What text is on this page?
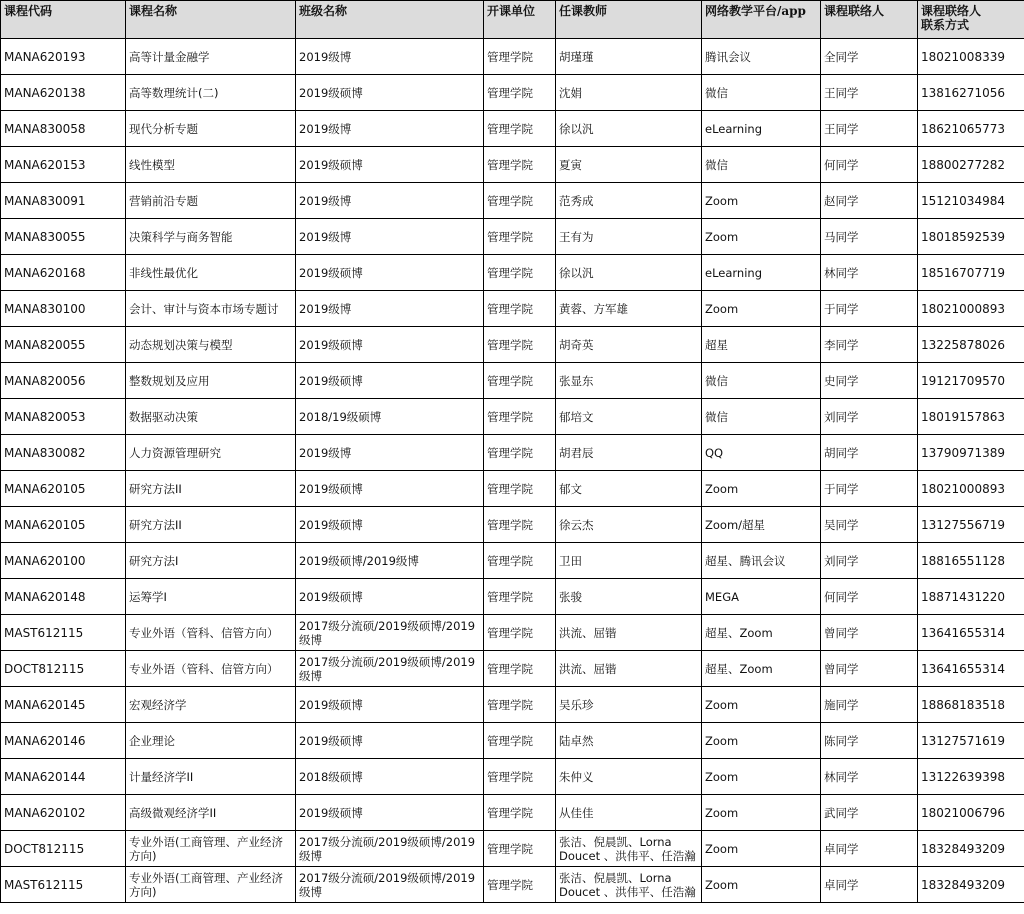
课程代码	课程名称	班级名称	开课单位	任课教师	网络教学平台/app	课程联络人	课程联络人
联系方式
MANA620193	高等计量金融学	2019级博	管理学院	胡瑾瑾	腾讯会议	全同学	18021008339
MANA620138	高等数理统计(二)	2019级硕博	管理学院	沈娟	微信	王同学	13816271056
MANA830058	现代分析专题	2019级博	管理学院	徐以汎	eLearning	王同学	18621065773
MANA620153	线性模型	2019级硕博	管理学院	夏寅	微信	何同学	18800277282
MANA830091	营销前沿专题	2019级博	管理学院	范秀成	Zoom	赵同学	15121034984
MANA830055	决策科学与商务智能	2019级博	管理学院	王有为	Zoom	马同学	18018592539
MANA620168	非线性最优化	2019级硕博	管理学院	徐以汎	eLearning	林同学	18516707719
MANA830100	会计、审计与资本市场专题讨	2019级博	管理学院	黄蓉、方军雄	Zoom	于同学	18021000893
MANA820055	动态规划决策与模型	2019级硕博	管理学院	胡奇英	超星	李同学	13225878026
MANA820056	整数规划及应用	2019级硕博	管理学院	张显东	微信	史同学	19121709570
MANA820053	数据驱动决策	2018/19级硕博	管理学院	郁培文	微信	刘同学	18019157863
MANA830082	人力资源管理研究	2019级博	管理学院	胡君辰	QQ	胡同学	13790971389
MANA620105	研究方法II	2019级硕博	管理学院	郁文	Zoom	于同学	18021000893
MANA620105	研究方法II	2019级硕博	管理学院	徐云杰	Zoom/超星	吴同学	13127556719
MANA620100	研究方法I	2019级硕博/2019级博	管理学院	卫田	超星、腾讯会议	刘同学	18816551128
MANA620148	运筹学I	2019级硕博	管理学院	张骏	MEGA	何同学	18871431220
MAST612115	专业外语（管科、信管方向）	2017级分流硕/2019级硕博/2019级博	管理学院	洪流、屈锴	超星、Zoom	曾同学	13641655314
DOCT812115	专业外语（管科、信管方向）	2017级分流硕/2019级硕博/2019级博	管理学院	洪流、屈锴	超星、Zoom	曾同学	13641655314
MANA620145	宏观经济学	2019级硕博	管理学院	吴乐珍	Zoom	施同学	18868183518
MANA620146	企业理论	2019级硕博	管理学院	陆卓然	Zoom	陈同学	13127571619
MANA620144	计量经济学II	2018级硕博	管理学院	朱仲义	Zoom	林同学	13122639398
MANA620102	高级微观经济学II	2019级硕博	管理学院	从佳佳	Zoom	武同学	18021006796
DOCT812115	专业外语(工商管理、产业经济方向)	2017级分流硕/2019级硕博/2019级博	管理学院	张洁、倪晨凯、Lorna Doucet 、洪伟平、任浩瀚	Zoom	卓同学	18328493209
MAST612115	专业外语(工商管理、产业经济方向)	2017级分流硕/2019级硕博/2019级博	管理学院	张洁、倪晨凯、Lorna Doucet 、洪伟平、任浩瀚	Zoom	卓同学	18328493209
